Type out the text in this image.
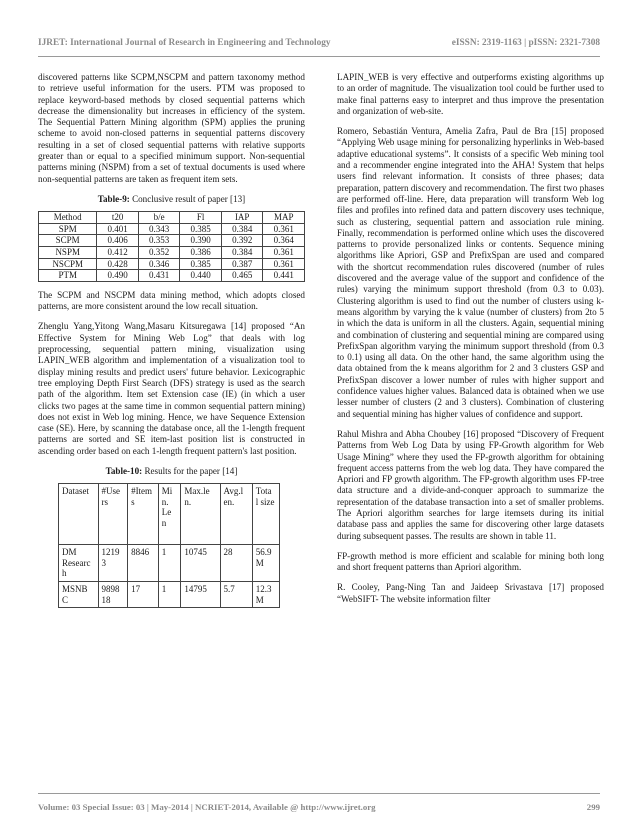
IJRET: International Journal of Research in Engineering and Technology	eISSN: 2319-1163 | pISSN: 2321-7308

discovered patterns like SCPM,NSCPM and pattern taxonomy method to retrieve useful information for the users. PTM was proposed to replace keyword-based methods by closed sequential patterns which decrease the dimensionality but increases in efficiency of the system. The Sequential Pattern Mining algorithm (SPM) applies the pruning scheme to avoid non-closed patterns in sequential patterns discovery resulting in a set of closed sequential patterns with relative supports greater than or equal to a specified minimum support. Non-sequential patterns mining (NSPM) from a set of textual documents is used where non-sequential patterns are taken as frequent item sets.

Table-9: Conclusive result of paper [13]
Method	t20	b/e	Fl	IAP	MAP
SPM	0.401	0.343	0.385	0.384	0.361
SCPM	0.406	0.353	0.390	0.392	0.364
NSPM	0.412	0.352	0.386	0.384	0.361
NSCPM	0.428	0.346	0.385	0.387	0.361
PTM	0.490	0.431	0.440	0.465	0.441

The SCPM and NSCPM data mining method, which adopts closed patterns, are more consistent around the low recall situation.

Zhenglu Yang,Yitong Wang,Masaru Kitsuregawa [14] proposed “An Effective System for Mining Web Log” that deals with log preprocessing, sequential pattern mining, visualization using LAPIN_WEB algorithm and implementation of a visualization tool to display mining results and predict users' future behavior. Lexicographic tree employing Depth First Search (DFS) strategy is used as the search path of the algorithm. Item set Extension case (IE) (in which a user clicks two pages at the same time in common sequential pattern mining) does not exist in Web log mining. Hence, we have Sequence Extension case (SE). Here, by scanning the database once, all the 1-length frequent patterns are sorted and SE item-last position list is constructed in ascending order based on each 1-length frequent pattern's last position.

Table-10: Results for the paper [14]
Dataset	#Use rs	#Item s	Mi n. Le n	Max.le n.	Avg.l en.	Tota l size
DM Researc h	1219 3	8846	1	10745	28	56.9 M
MSNB C	9898 18	17	1	14795	5.7	12.3 M

LAPIN_WEB is very effective and outperforms existing algorithms up to an order of magnitude. The visualization tool could be further used to make final patterns easy to interpret and thus improve the presentation and organization of web-site.

Romero, Sebastián Ventura, Amelia Zafra, Paul de Bra [15] proposed “Applying Web usage mining for personalizing hyperlinks in Web-based adaptive educational systems”. It consists of a specific Web mining tool and a recommender engine integrated into the AHA! System that helps users find relevant information. It consists of three phases; data preparation, pattern discovery and recommendation. The first two phases are performed off-line. Here, data preparation will transform Web log files and profiles into refined data and pattern discovery uses technique, such as clustering, sequential pattern and association rule mining. Finally, recommendation is performed online which uses the discovered patterns to provide personalized links or contents. Sequence mining algorithms like Apriori, GSP and PrefixSpan are used and compared with the shortcut recommendation rules discovered (number of rules discovered and the average value of the support and confidence of the rules) varying the minimum support threshold (from 0.3 to 0.03). Clustering algorithm is used to find out the number of clusters using k-means algorithm by varying the k value (number of clusters) from 2to 5 in which the data is uniform in all the clusters. Again, sequential mining and combination of clustering and sequential mining are compared using PrefixSpan algorithm varying the minimum support threshold (from 0.3 to 0.1) using all data. On the other hand, the same algorithm using the data obtained from the k means algorithm for 2 and 3 clusters GSP and PrefixSpan discover a lower number of rules with higher support and confidence values higher values. Balanced data is obtained when we use lesser number of clusters (2 and 3 clusters). Combination of clustering and sequential mining has higher values of confidence and support.

Rahul Mishra and Abha Choubey [16] proposed “Discovery of Frequent Patterns from Web Log Data by using FP-Growth algorithm for Web Usage Mining” where they used the FP-growth algorithm for obtaining frequent access patterns from the web log data. They have compared the Apriori and FP growth algorithm. The FP-growth algorithm uses FP-tree data structure and a divide-and-conquer approach to summarize the representation of the database transaction into a set of smaller problems. The Apriori algorithm searches for large itemsets during its initial database pass and applies the same for discovering other large datasets during subsequent passes. The results are shown in table 11.

FP-growth method is more efficient and scalable for mining both long and short frequent patterns than Apriori algorithm.

R. Cooley, Pang-Ning Tan and Jaideep Srivastava [17] proposed “WebSIFT- The website information filter

Volume: 03 Special Issue: 03 | May-2014 | NCRIET-2014, Available @ http://www.ijret.org	299
